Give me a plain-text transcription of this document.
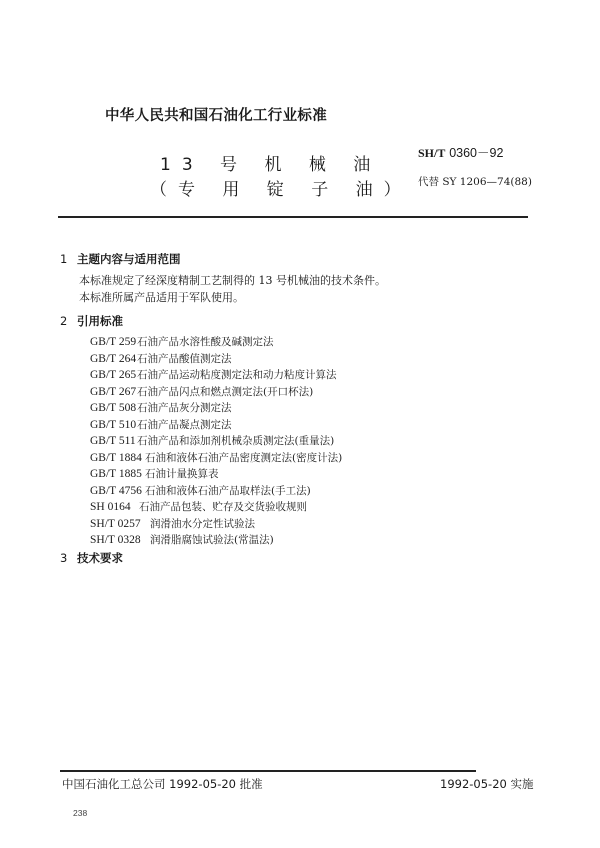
中华人民共和国石油化工行业标准
13 号 机 械 油
（专 用 锭 子 油）
SH/T 0360－92
代替 SY 1206—74(88)
1 主题内容与适用范围
本标准规定了经深度精制工艺制得的 13 号机械油的技术条件。
本标准所属产品适用于军队使用。
2 引用标准
GB/T 259石油产品水溶性酸及碱测定法
GB/T 264石油产品酸值测定法
GB/T 265石油产品运动粘度测定法和动力粘度计算法
GB/T 267石油产品闪点和燃点测定法(开口杯法)
GB/T 508石油产品灰分测定法
GB/T 510石油产品凝点测定法
GB/T 511石油产品和添加剂机械杂质测定法(重量法)
GB/T 1884 石油和液体石油产品密度测定法(密度计法)
GB/T 1885 石油计量换算表
GB/T 4756 石油和液体石油产品取样法(手工法)
SH 0164 石油产品包装、贮存及交货验收规则
SH/T 0257 润滑油水分定性试验法
SH/T 0328 润滑脂腐蚀试验法(常温法)
3 技术要求
中国石油化工总公司 1992-05-20 批准	1992-05-20 实施
238
